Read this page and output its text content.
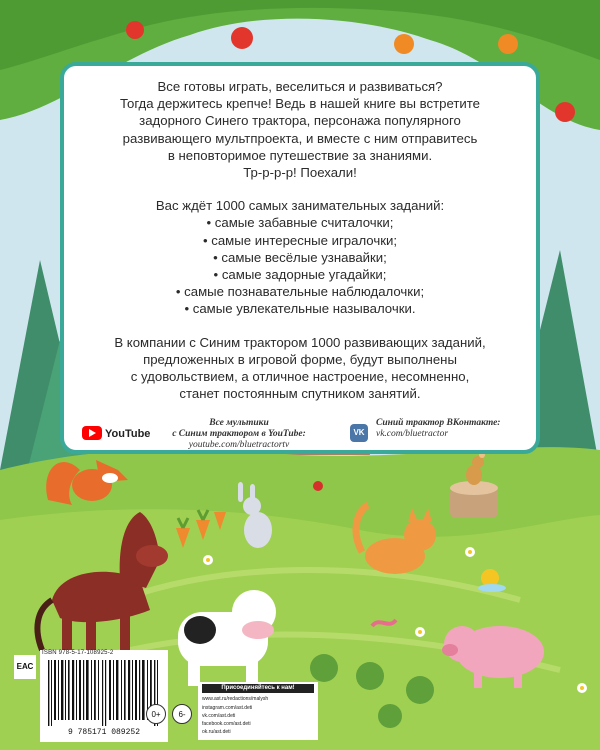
Все готовы играть, веселиться и развиваться?

Тогда держитесь крепче! Ведь в нашей книге вы встретите

задорного Синего трактора, персонажа популярного

развивающего мультпроекта, и вместе с ним отправитесь

в неповторимое путешествие за знаниями.

Тр-р-р-р! Поехали!

Вас ждёт 1000 самых занимательных заданий:

• самые забавные считалочки;
• самые интересные игралочки;
• самые весёлые узнавайки;
• самые задорные угадайки;
• самые познавательные наблюдалочки;
• самые увлекательные называлочки.

В компании с Синим трактором 1000 развивающих заданий,

предложенных в игровой форме, будут выполнены

с удовольствием, а отличное настроение, несомненно,

станет постоянным спутником занятий.

YouTube
Все мультики
с Синим трактором в YouTube:
youtube.com/bluetractortv
VK
Синий трактор ВКонтакте:
vk.com/bluetractor
ЕАС
ISBN 978-5-17-108925-2
9 785171 089252
0+	6-
Присоединяйтесь к нам!
www.ast.ru/redactions/malysh
instagram.com/ast.deti
vk.com/ast.deti
facebook.com/ast.deti
ok.ru/ast.deti
